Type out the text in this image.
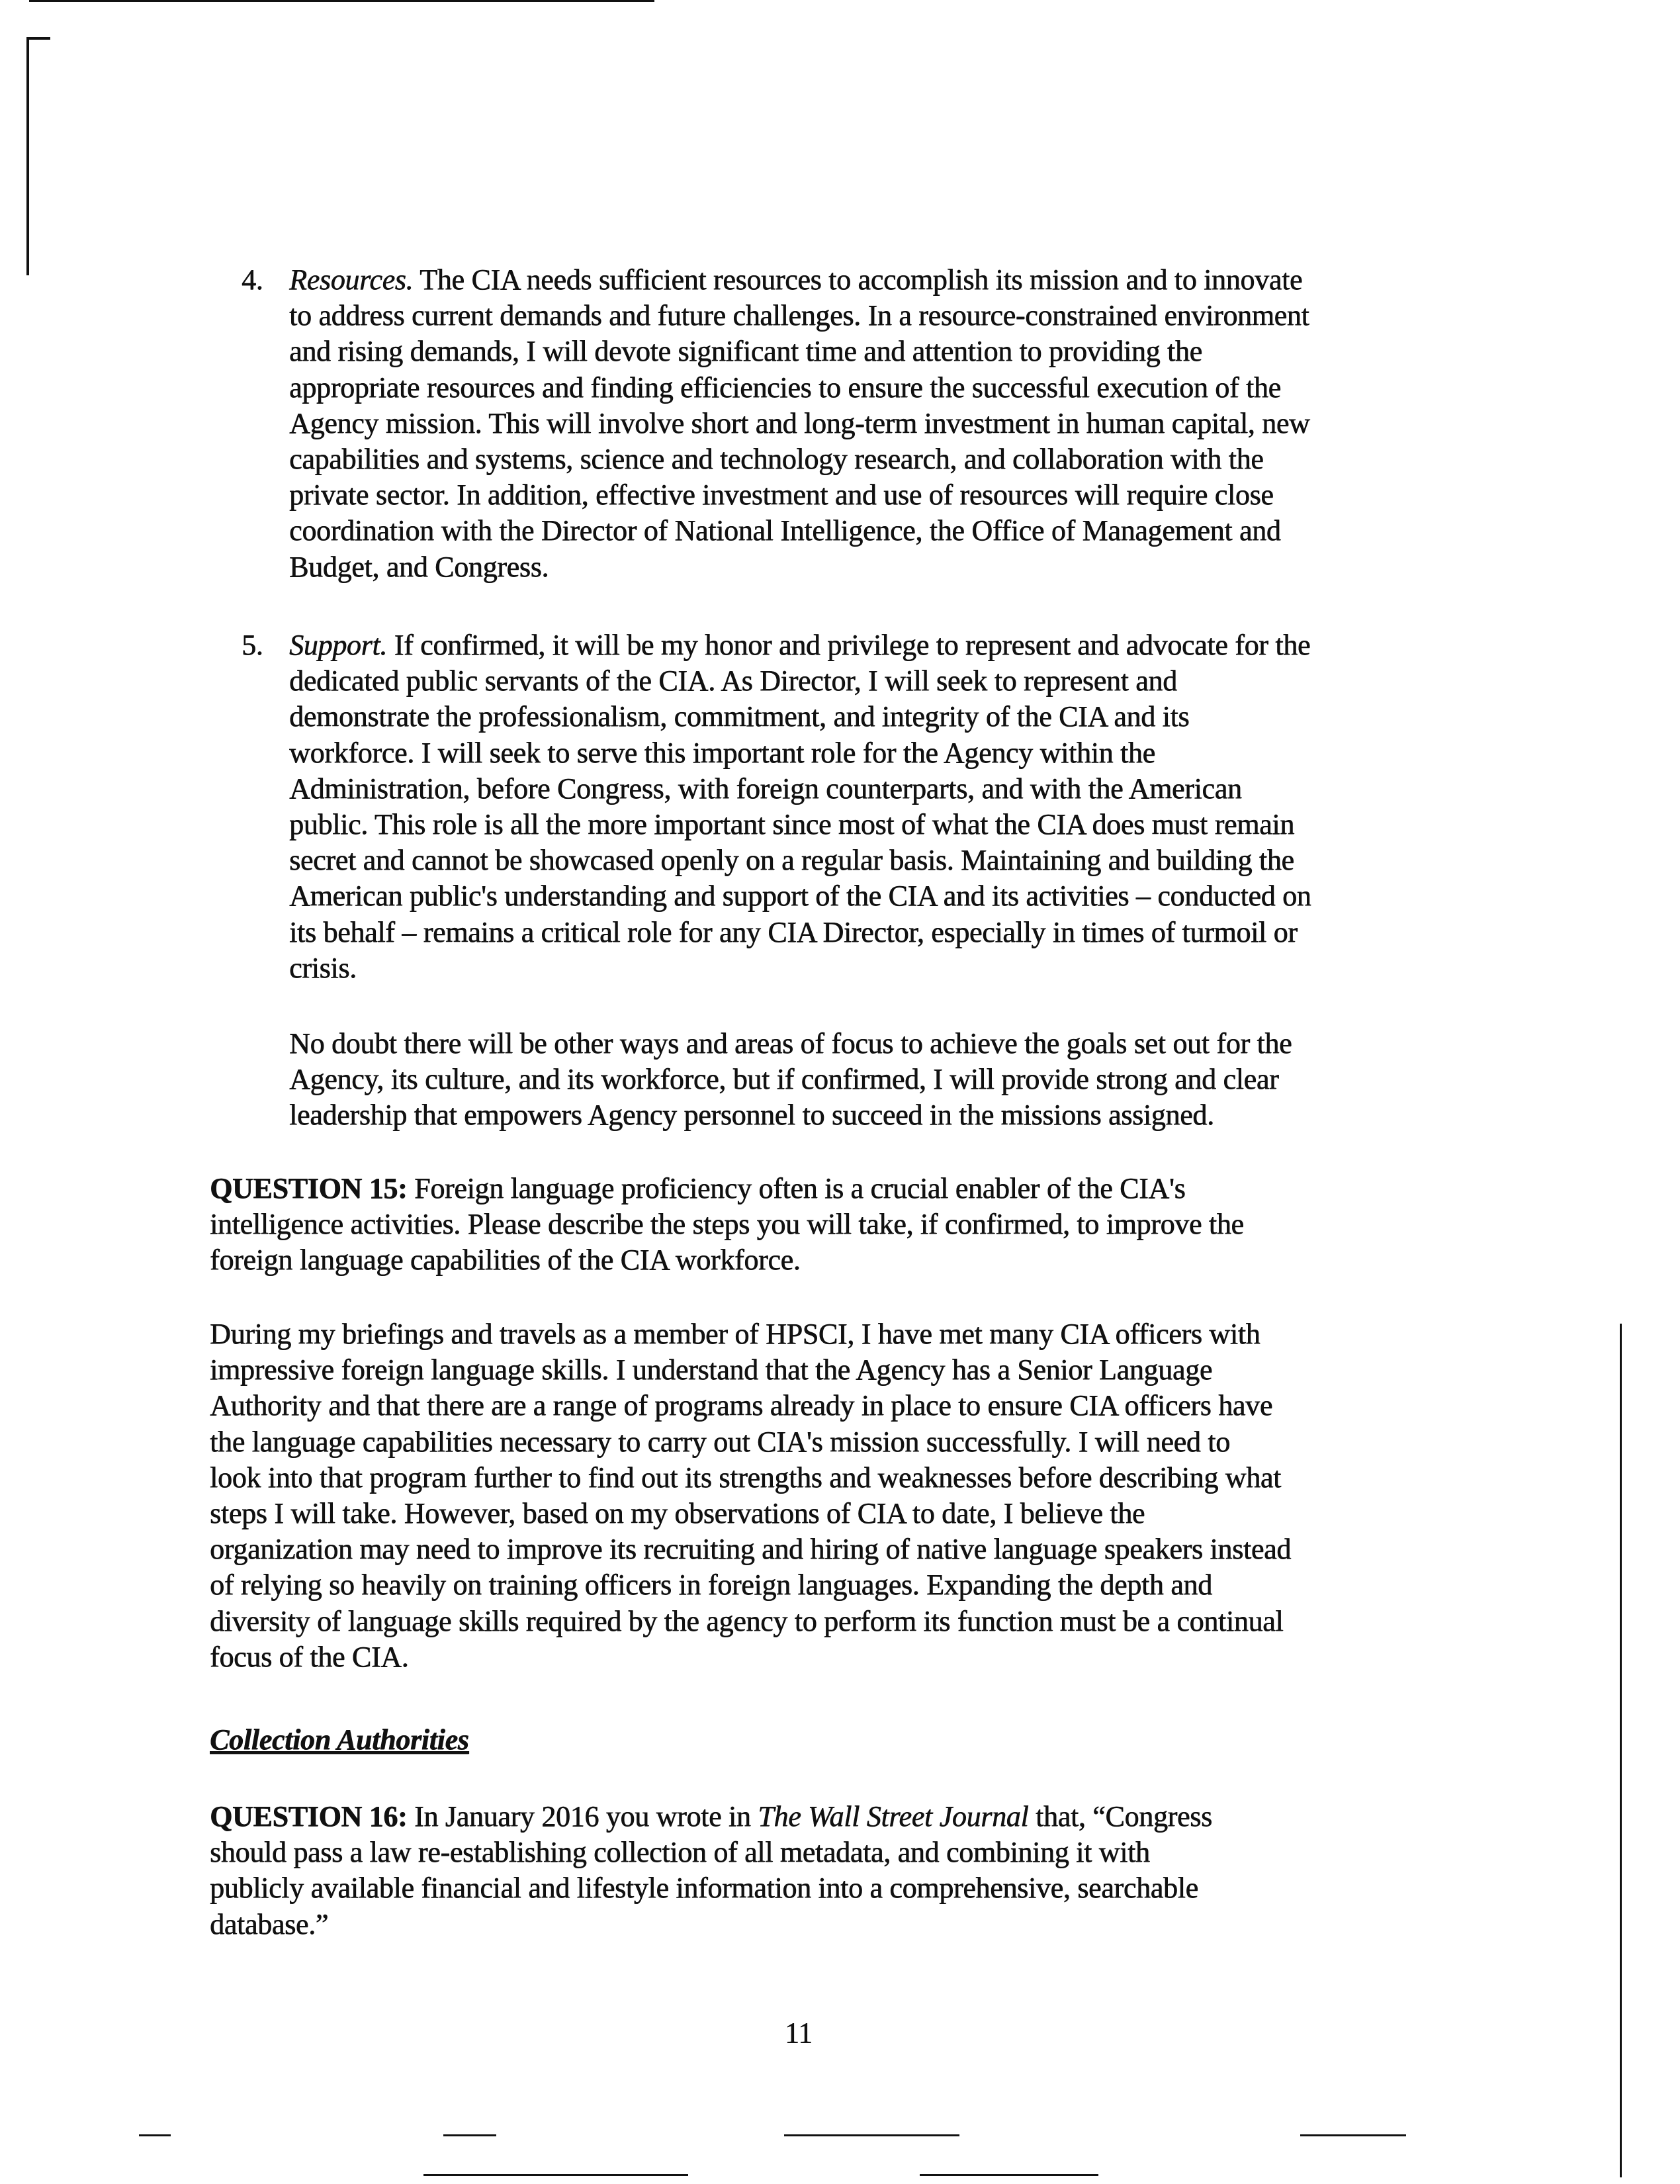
4. Resources. The CIA needs sufficient resources to accomplish its mission and to innovate
to address current demands and future challenges. In a resource-constrained environment
and rising demands, I will devote significant time and attention to providing the
appropriate resources and finding efficiencies to ensure the successful execution of the
Agency mission. This will involve short and long-term investment in human capital, new
capabilities and systems, science and technology research, and collaboration with the
private sector. In addition, effective investment and use of resources will require close
coordination with the Director of National Intelligence, the Office of Management and
Budget, and Congress.
5. Support. If confirmed, it will be my honor and privilege to represent and advocate for the
dedicated public servants of the CIA. As Director, I will seek to represent and
demonstrate the professionalism, commitment, and integrity of the CIA and its
workforce. I will seek to serve this important role for the Agency within the
Administration, before Congress, with foreign counterparts, and with the American
public. This role is all the more important since most of what the CIA does must remain
secret and cannot be showcased openly on a regular basis. Maintaining and building the
American public's understanding and support of the CIA and its activities – conducted on
its behalf – remains a critical role for any CIA Director, especially in times of turmoil or
crisis.
No doubt there will be other ways and areas of focus to achieve the goals set out for the
Agency, its culture, and its workforce, but if confirmed, I will provide strong and clear
leadership that empowers Agency personnel to succeed in the missions assigned.
QUESTION 15: Foreign language proficiency often is a crucial enabler of the CIA's
intelligence activities. Please describe the steps you will take, if confirmed, to improve the
foreign language capabilities of the CIA workforce.
During my briefings and travels as a member of HPSCI, I have met many CIA officers with
impressive foreign language skills. I understand that the Agency has a Senior Language
Authority and that there are a range of programs already in place to ensure CIA officers have
the language capabilities necessary to carry out CIA's mission successfully. I will need to
look into that program further to find out its strengths and weaknesses before describing what
steps I will take. However, based on my observations of CIA to date, I believe the
organization may need to improve its recruiting and hiring of native language speakers instead
of relying so heavily on training officers in foreign languages. Expanding the depth and
diversity of language skills required by the agency to perform its function must be a continual
focus of the CIA.
Collection Authorities
QUESTION 16: In January 2016 you wrote in The Wall Street Journal that, “Congress
should pass a law re-establishing collection of all metadata, and combining it with
publicly available financial and lifestyle information into a comprehensive, searchable
database.”
11
